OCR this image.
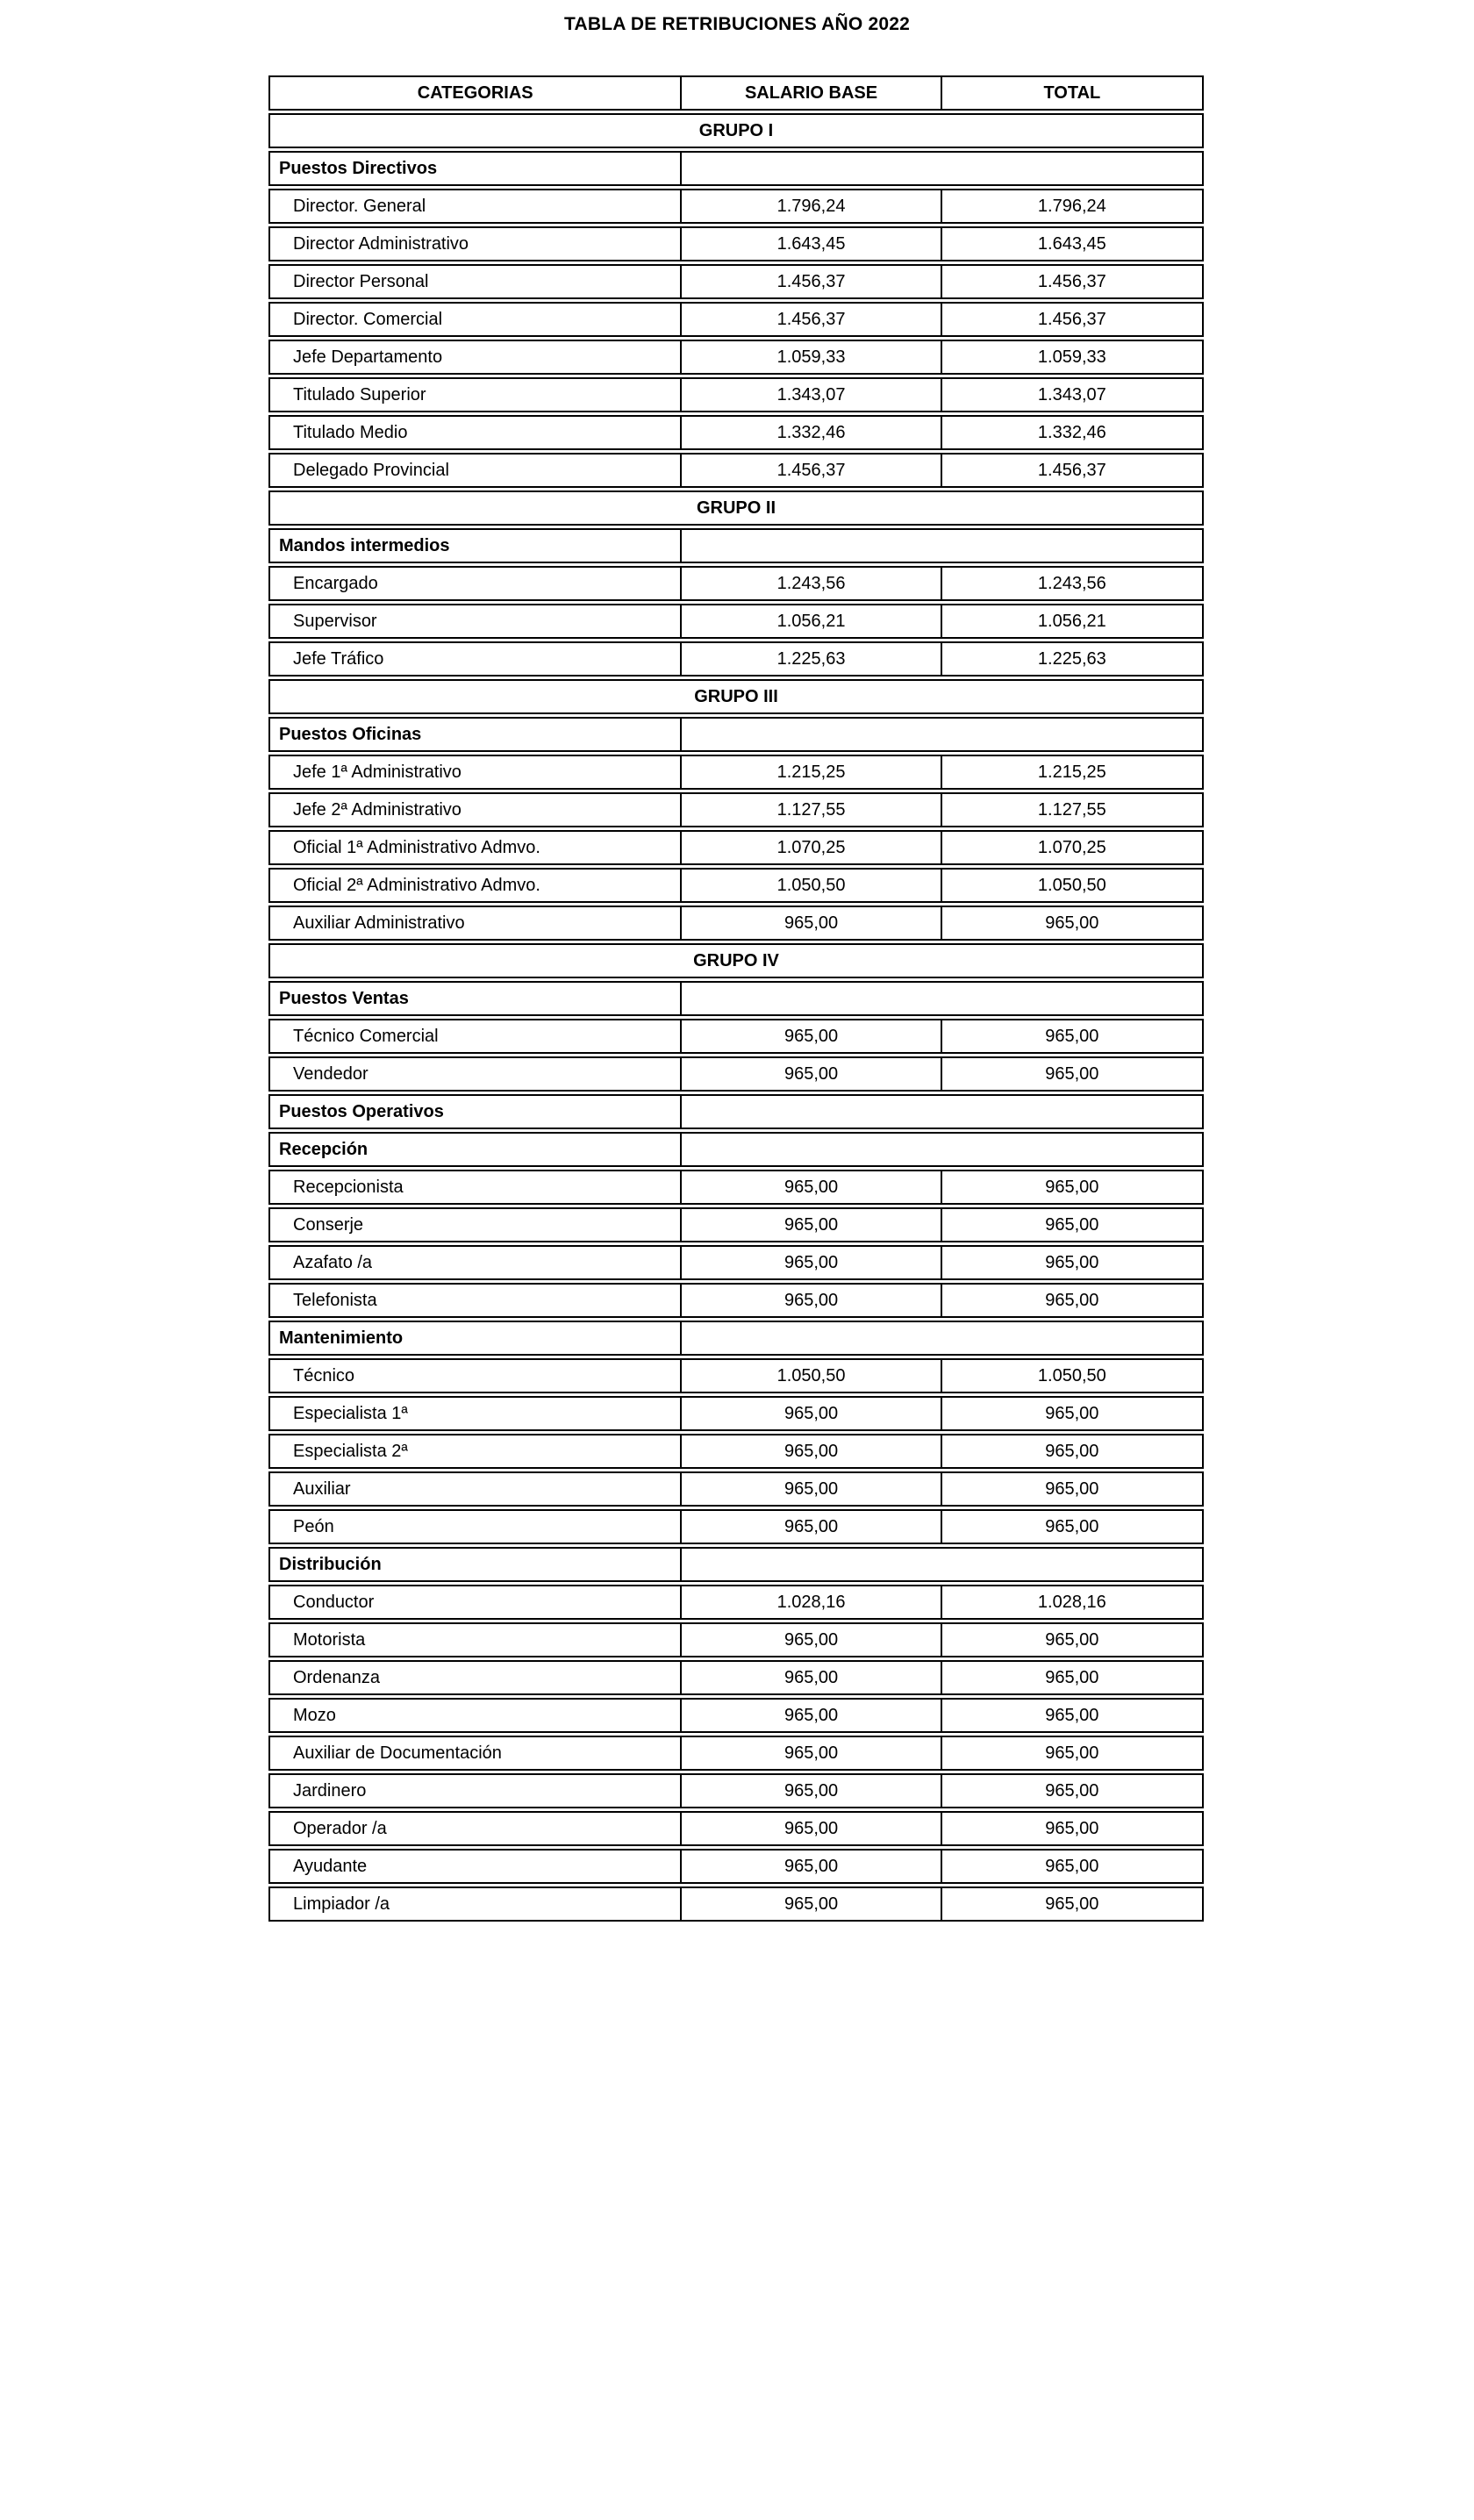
TABLA DE RETRIBUCIONES AÑO 2022
CATEGORIAS	SALARIO BASE	TOTAL
GRUPO I
Puestos Directivos
Director. General	1.796,24	1.796,24
Director Administrativo	1.643,45	1.643,45
Director Personal	1.456,37	1.456,37
Director. Comercial	1.456,37	1.456,37
Jefe Departamento	1.059,33	1.059,33
Titulado Superior	1.343,07	1.343,07
Titulado Medio	1.332,46	1.332,46
Delegado Provincial	1.456,37	1.456,37
GRUPO II
Mandos intermedios
Encargado	1.243,56	1.243,56
Supervisor	1.056,21	1.056,21
Jefe Tráfico	1.225,63	1.225,63
GRUPO III
Puestos Oficinas
Jefe 1ª Administrativo	1.215,25	1.215,25
Jefe 2ª Administrativo	1.127,55	1.127,55
Oficial 1ª Administrativo Admvo.	1.070,25	1.070,25
Oficial 2ª Administrativo Admvo.	1.050,50	1.050,50
Auxiliar Administrativo	965,00	965,00
GRUPO IV
Puestos Ventas
Técnico Comercial	965,00	965,00
Vendedor	965,00	965,00
Puestos Operativos
Recepción
Recepcionista	965,00	965,00
Conserje	965,00	965,00
Azafato /a	965,00	965,00
Telefonista	965,00	965,00
Mantenimiento
Técnico	1.050,50	1.050,50
Especialista 1ª	965,00	965,00
Especialista 2ª	965,00	965,00
Auxiliar	965,00	965,00
Peón	965,00	965,00
Distribución
Conductor	1.028,16	1.028,16
Motorista	965,00	965,00
Ordenanza	965,00	965,00
Mozo	965,00	965,00
Auxiliar de Documentación	965,00	965,00
Jardinero	965,00	965,00
Operador /a	965,00	965,00
Ayudante	965,00	965,00
Limpiador /a	965,00	965,00
